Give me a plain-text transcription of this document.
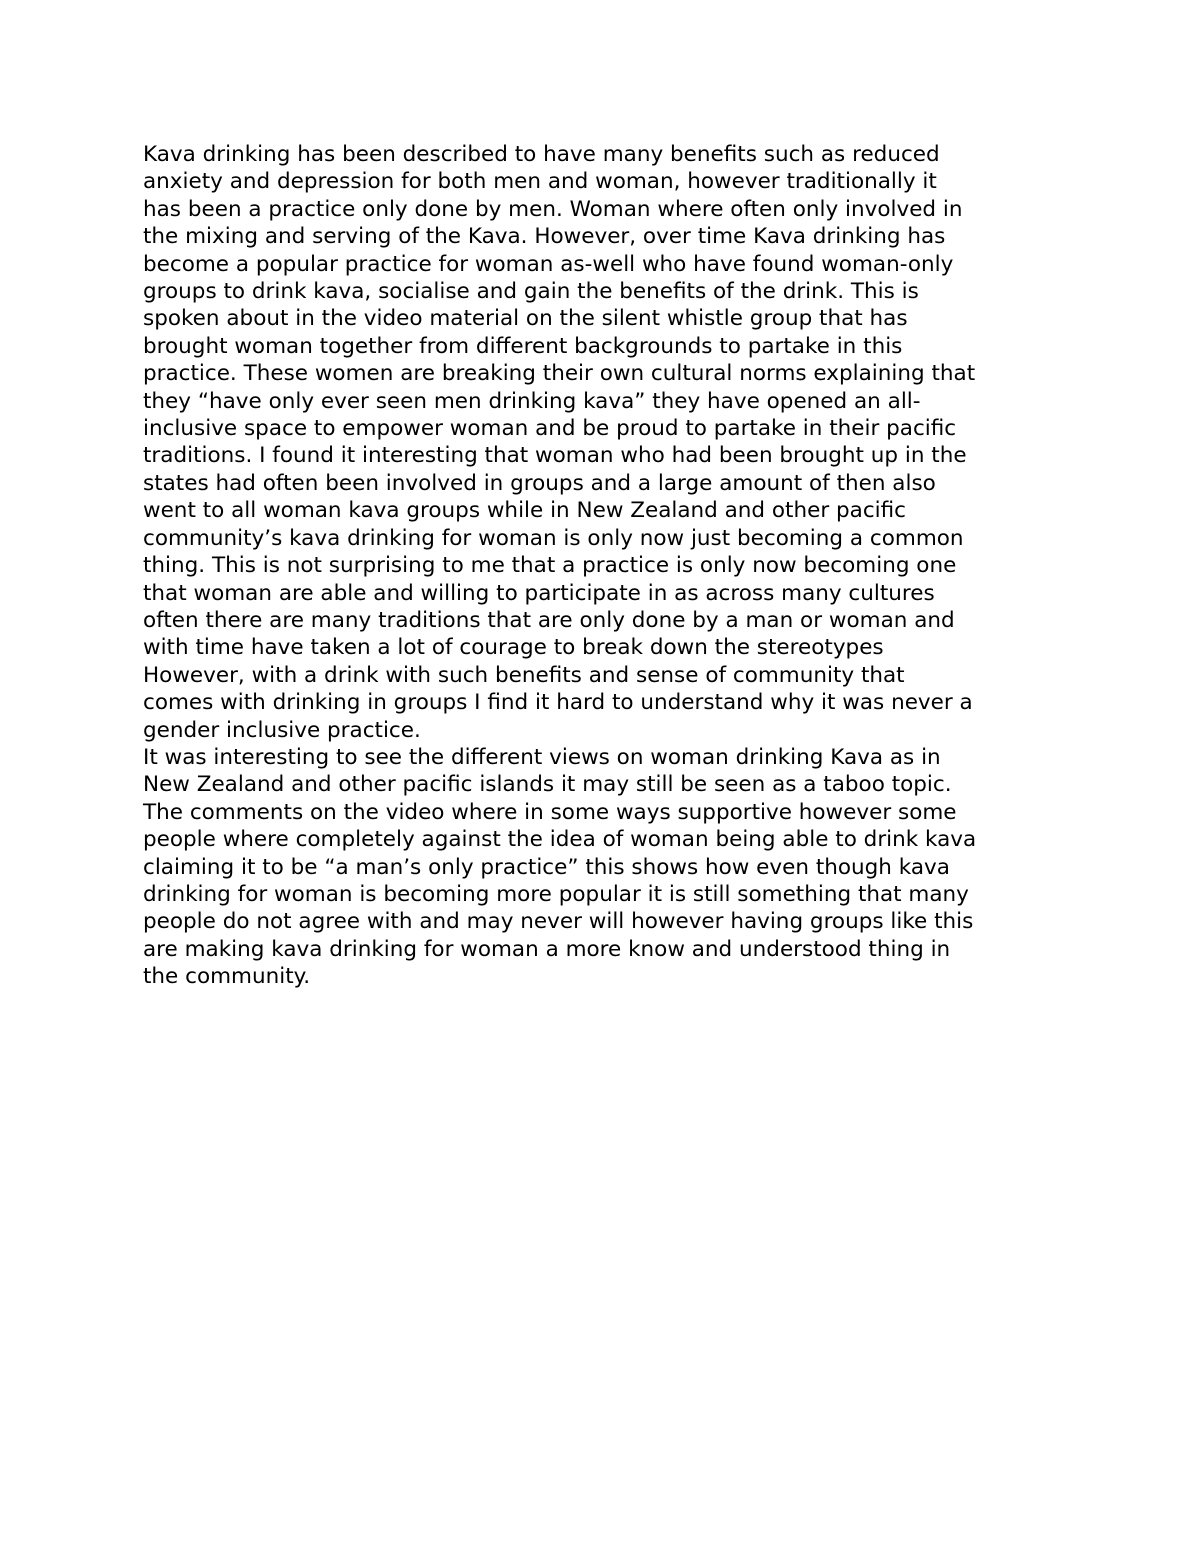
Kava drinking has been described to have many benefits such as reduced
anxiety and depression for both men and woman, however traditionally it
has been a practice only done by men. Woman where often only involved in
the mixing and serving of the Kava. However, over time Kava drinking has
become a popular practice for woman as-well who have found woman-only
groups to drink kava, socialise and gain the benefits of the drink. This is
spoken about in the video material on the silent whistle group that has
brought woman together from different backgrounds to partake in this
practice. These women are breaking their own cultural norms explaining that
they “have only ever seen men drinking kava” they have opened an all-
inclusive space to empower woman and be proud to partake in their pacific
traditions. I found it interesting that woman who had been brought up in the
states had often been involved in groups and a large amount of then also
went to all woman kava groups while in New Zealand and other pacific
community’s kava drinking for woman is only now just becoming a common
thing. This is not surprising to me that a practice is only now becoming one
that woman are able and willing to participate in as across many cultures
often there are many traditions that are only done by a man or woman and
with time have taken a lot of courage to break down the stereotypes
However, with a drink with such benefits and sense of community that
comes with drinking in groups I find it hard to understand why it was never a
gender inclusive practice.

It was interesting to see the different views on woman drinking Kava as in
New Zealand and other pacific islands it may still be seen as a taboo topic.
The comments on the video where in some ways supportive however some
people where completely against the idea of woman being able to drink kava
claiming it to be “a man’s only practice” this shows how even though kava
drinking for woman is becoming more popular it is still something that many
people do not agree with and may never will however having groups like this
are making kava drinking for woman a more know and understood thing in
the community.
